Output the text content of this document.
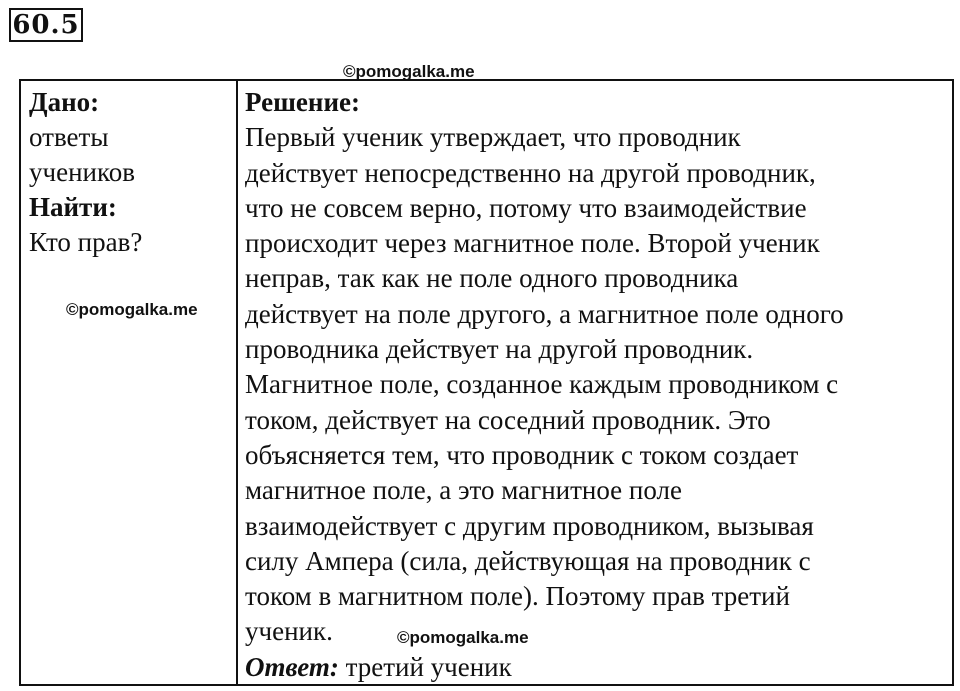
60.5
©pomogalka.me
Дано:
ответы
учеников
Найти:
Кто прав?
Решение:
Первый ученик утверждает, что проводник
действует непосредственно на другой проводник,
что не совсем верно, потому что взаимодействие
происходит через магнитное поле. Второй ученик
неправ, так как не поле одного проводника
действует на поле другого, а магнитное поле одного
проводника действует на другой проводник.
Магнитное поле, созданное каждым проводником с
током, действует на соседний проводник. Это
объясняется тем, что проводник с током создает
магнитное поле, а это магнитное поле
взаимодействует с другим проводником, вызывая
силу Ампера (сила, действующая на проводник с
током в магнитном поле). Поэтому прав третий
ученик.
Ответ: третий ученик
©pomogalka.me
©pomogalka.me
